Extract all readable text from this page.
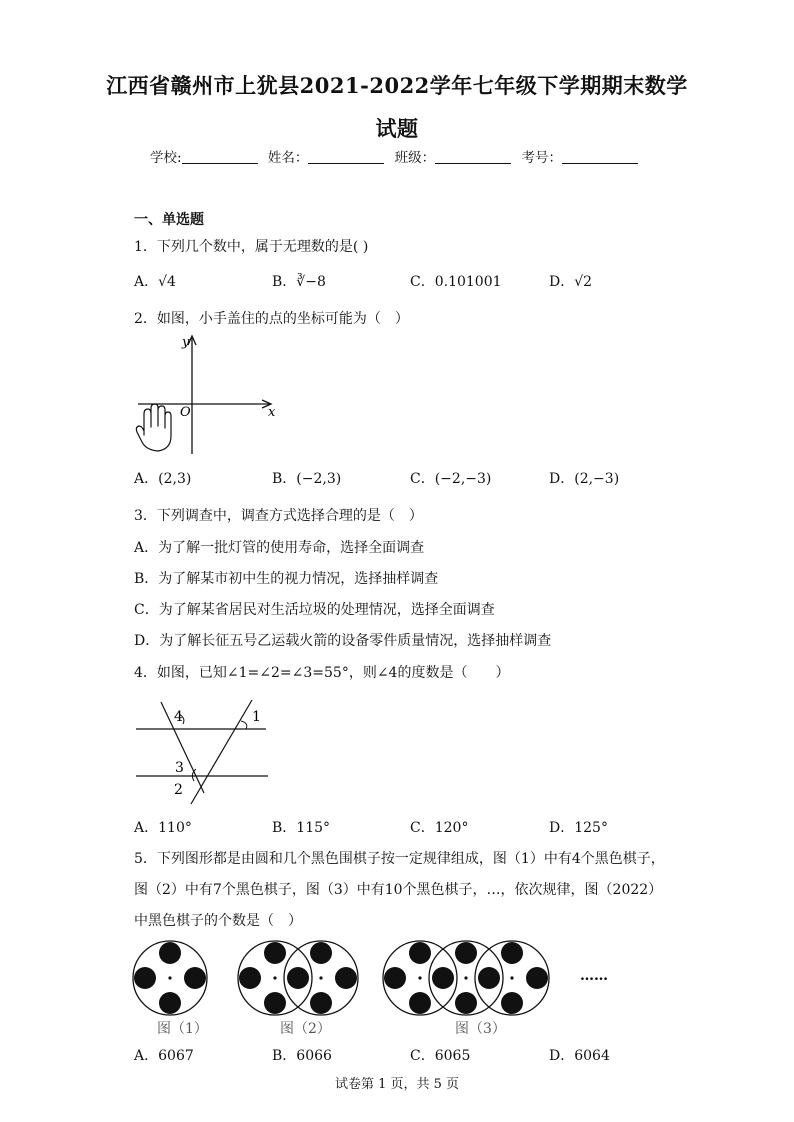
江西省赣州市上犹县2021-2022学年七年级下学期期末数学
试题
学校:	姓名：	班级：	考号：
一、单选题
1．下列几个数中，属于无理数的是( )
A．√4	B．∛−8	C．0.101001	D．√2
2．如图，小手盖住的点的坐标可能为（　）
y
x
O
A．(2,3)	B．(−2,3)	C．(−2,−3)	D．(2,−3)
3．下列调查中，调查方式选择合理的是（　）
A．为了解一批灯管的使用寿命，选择全面调查
B．为了解某市初中生的视力情况，选择抽样调查
C．为了解某省居民对生活垃圾的处理情况，选择全面调查
D．为了解长征五号乙运载火箭的设备零件质量情况，选择抽样调查
4．如图，已知∠1=∠2=∠3=55°，则∠4的度数是（　　）
4	1
3
2
A．110°	B．115°	C．120°	D．125°
5．下列图形都是由圆和几个黑色围棋子按一定规律组成，图（1）中有4个黑色棋子，
图（2）中有7个黑色棋子，图（3）中有10个黑色棋子，…，依次规律，图（2022）
中黑色棋子的个数是（　）
图（1）	图（2）	图（3）
……
A．6067	B．6066	C．6065	D．6064
试卷第 1 页，共 5 页
